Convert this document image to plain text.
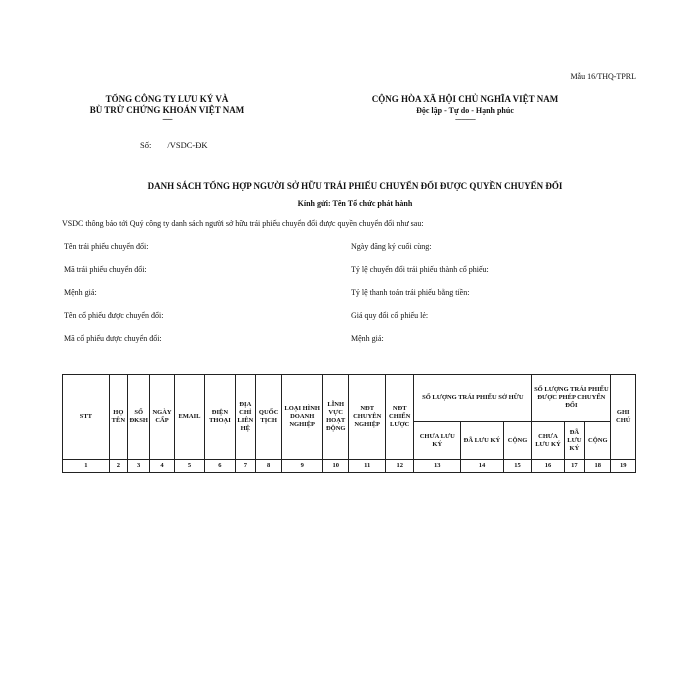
Mẫu 16/THQ-TPRL
TỔNG CÔNG TY LƯU KÝ VÀ
BÙ TRỪ CHỨNG KHOÁN VIỆT NAM
-------
CỘNG HÒA XÃ HỘI CHỦ NGHĨA VIỆT NAM
Độc lập - Tự do - Hạnh phúc
---------------
Số: /VSDC-ĐK
DANH SÁCH TỔNG HỢP NGƯỜI SỞ HỮU TRÁI PHIẾU CHUYỂN ĐỔI ĐƯỢC QUYỀN CHUYỂN ĐỔI
Kính gửi: Tên Tổ chức phát hành
VSDC thông báo tới Quý công ty danh sách người sở hữu trái phiếu chuyển đổi được quyền chuyển đổi như sau:
Tên trái phiếu chuyển đổi:
Mã trái phiếu chuyển đổi:
Mệnh giá:
Tên cổ phiếu được chuyển đổi:
Mã cổ phiếu được chuyển đổi:
Ngày đăng ký cuối cùng:
Tỷ lệ chuyển đổi trái phiếu thành cổ phiếu:
Tỷ lệ thanh toán trái phiếu bằng tiền:
Giá quy đổi cổ phiếu lẻ:
Mệnh giá:
STT	HỌ TÊN	SỐ ĐKSH	NGÀY CẤP	EMAIL	ĐIỆN THOẠI	ĐỊA CHỈ LIÊN HỆ	QUỐC TỊCH	LOẠI HÌNH DOANH NGHIỆP	LĨNH VỰC HOẠT ĐỘNG	NĐT CHUYÊN NGHIỆP	NĐT CHIẾN LƯỢC	SỐ LƯỢNG TRÁI PHIẾU SỞ HỮU			SỐ LƯỢNG TRÁI PHIẾU ĐƯỢC PHÉP CHUYỂN ĐỔI			GHI CHÚ
												CHƯA LƯU KÝ	ĐÃ LƯU KÝ	CỘNG	CHƯA LƯU KÝ	ĐÃ LƯU KÝ	CỘNG	
1	2	3	4	5	6	7	8	9	10	11	12	13	14	15	16	17	18	19
